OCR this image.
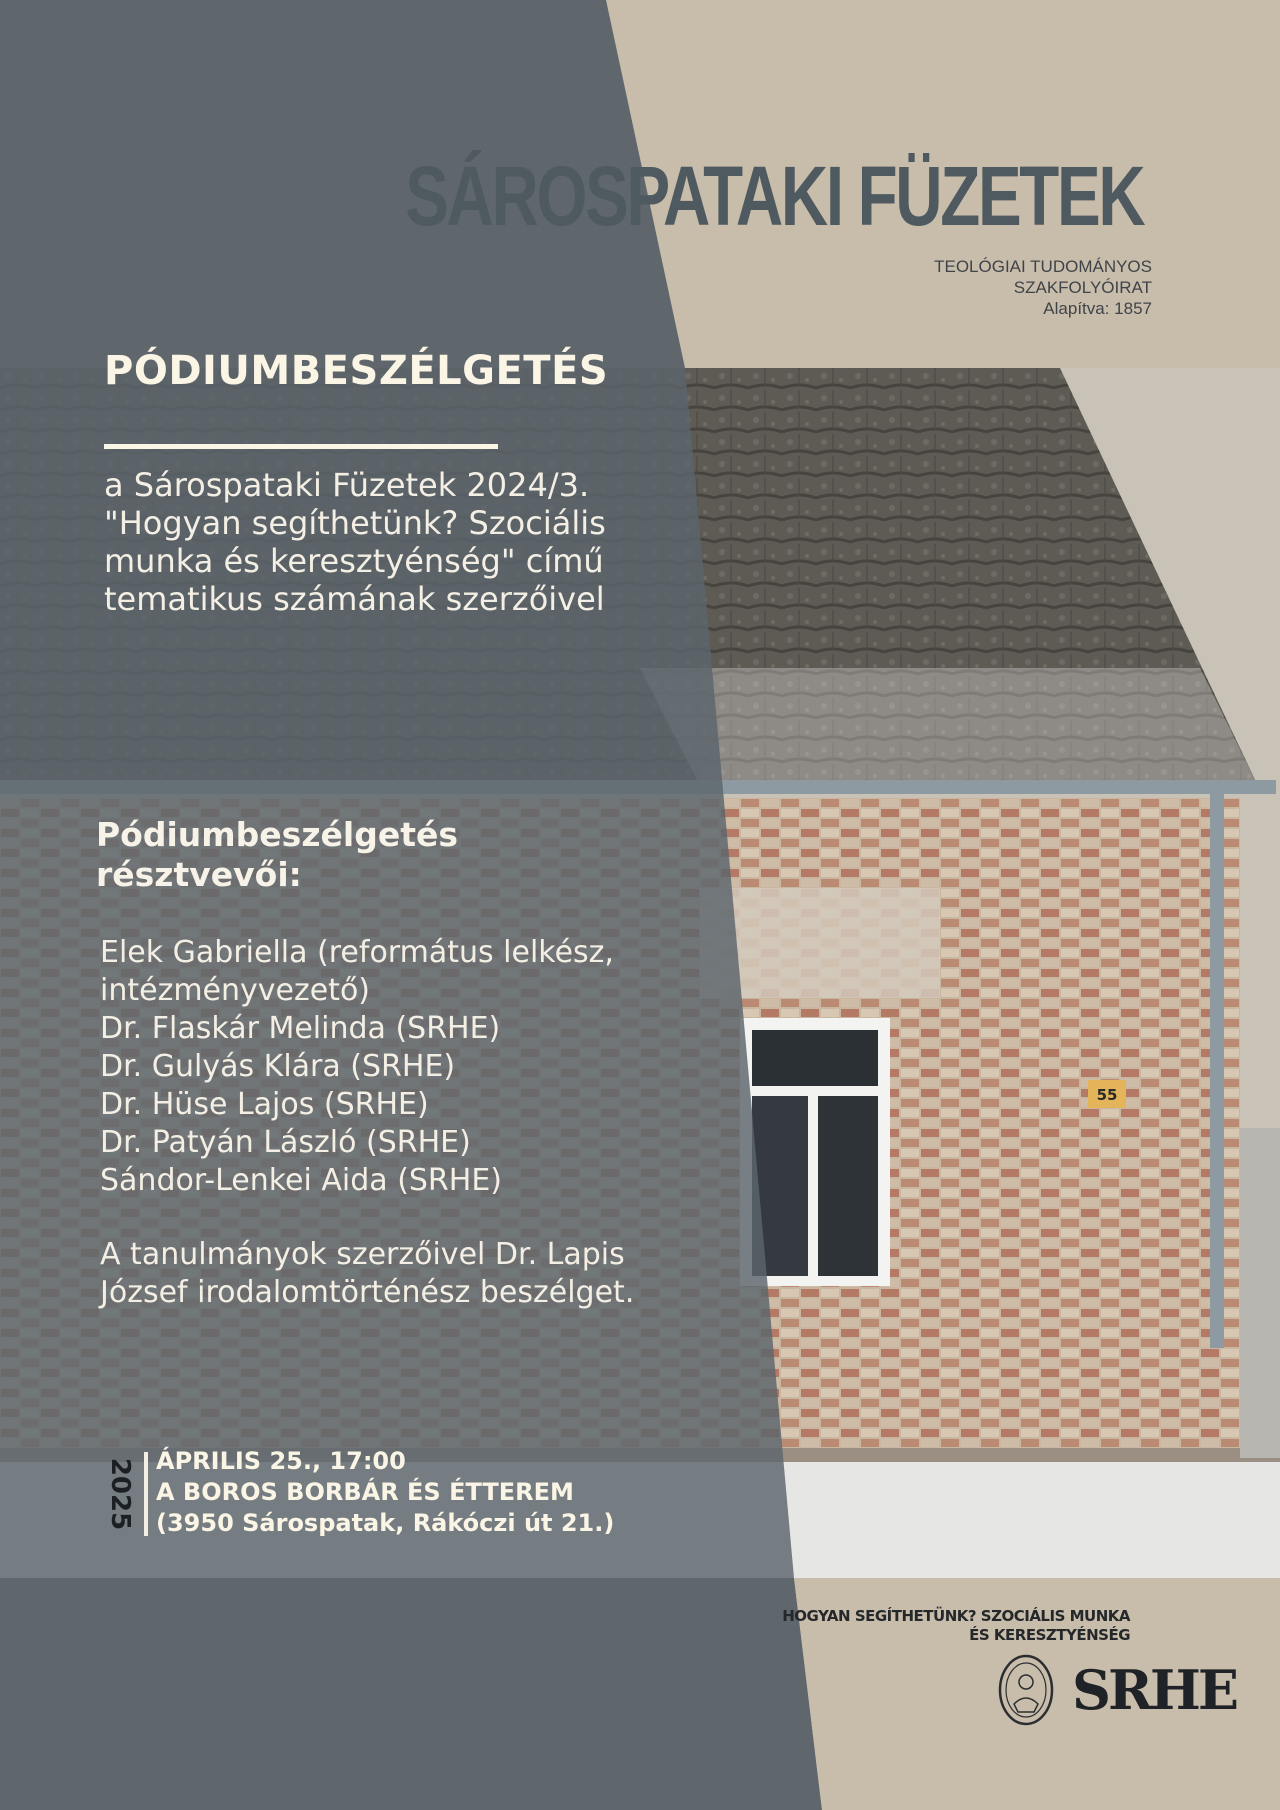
55
SÁROSPATAKI FÜZETEK
TEOLÓGIAI TUDOMÁNYOS
SZAKFOLYÓIRAT
Alapítva: 1857
PÓDIUMBESZÉLGETÉS
a Sárospataki Füzetek 2024/3. "Hogyan segíthetünk? Szociális munka és keresztyénség" című tematikus számának szerzőivel
Pódiumbeszélgetés
résztvevői:
Elek Gabriella (református lelkész,
intézményvezető)
Dr. Flaskár Melinda (SRHE)
Dr. Gulyás Klára (SRHE)
Dr. Hüse Lajos (SRHE)
Dr. Patyán László (SRHE)
Sándor-Lenkei Aida (SRHE)
A tanulmányok szerzőivel Dr. Lapis József irodalomtörténész beszélget.
2025 ÁPRILIS 25., 17:00
A BOROS BORBÁR ÉS ÉTTEREM
(3950 Sárospatak, Rákóczi út 21.)
HOGYAN SEGÍTHETÜNK? SZOCIÁLIS MUNKA
ÉS KERESZTYÉNSÉG
SRHE
